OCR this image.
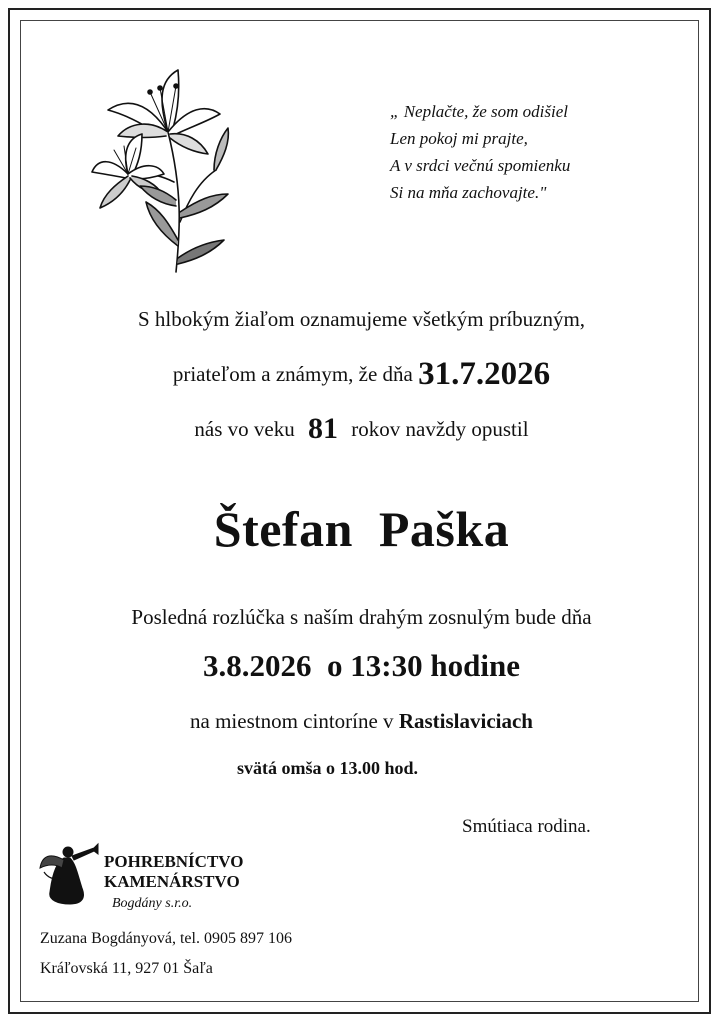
„ Neplačte, že som odišiel
Len pokoj mi prajte,
A v srdci večnú spomienku
Si na mňa zachovajte."
S hlbokým žiaľom oznamujeme všetkým príbuzným,
priateľom a známym, že dňa 31.7.2026
nás vo veku 81 rokov navždy opustil
Štefan  Paška
Posledná rozlúčka s naším drahým zosnulým bude dňa
3.8.2026  o 13:30 hodine
na miestnom cintoríne v Rastislaviciach
svätá omša o 13.00 hod.
Smútiaca rodina.
POHREBNÍCTVO
KAMENÁRSTVO
Bogdány s.r.o.
Zuzana Bogdányová, tel. 0905 897 106
Kráľovská 11, 927 01 Šaľa
